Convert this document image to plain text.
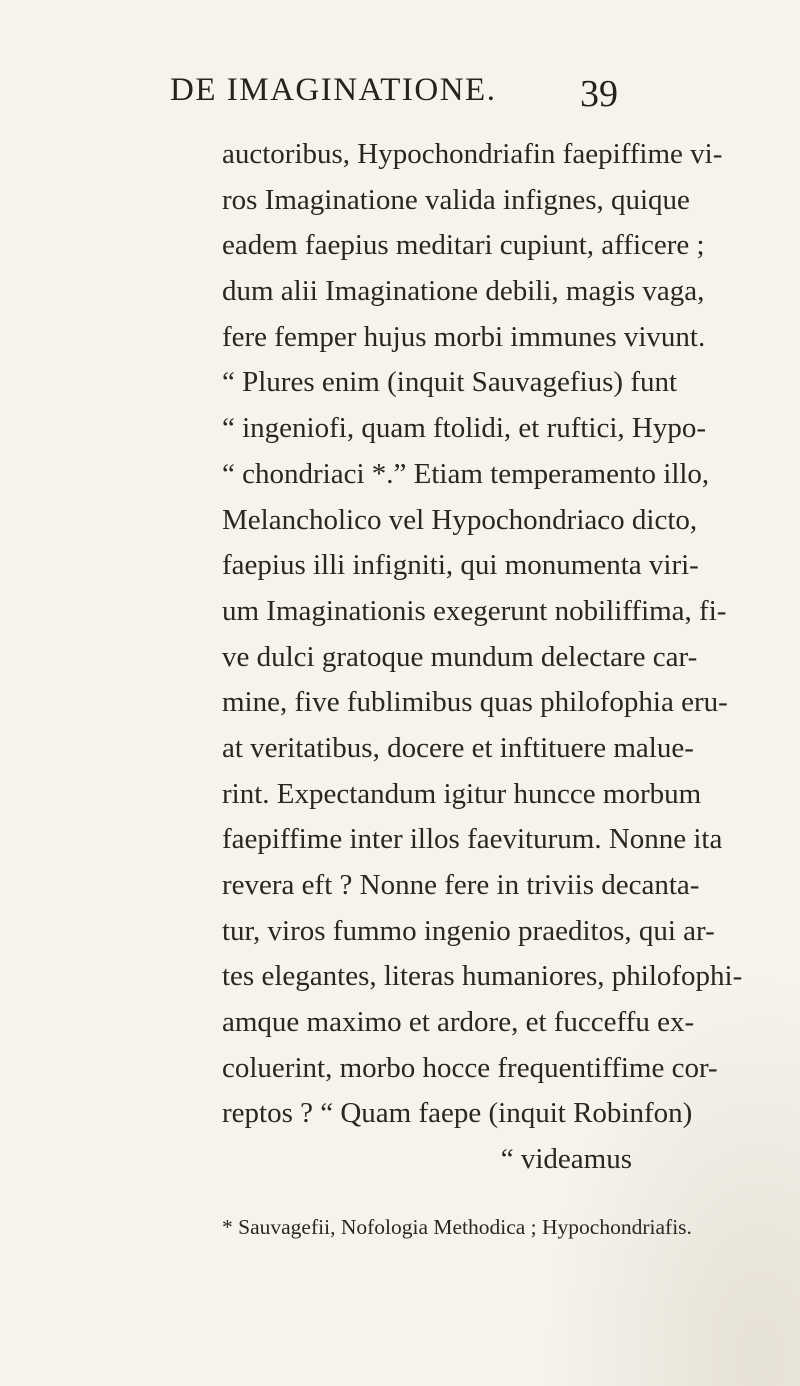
DE IMAGINATIONE.	39
auctoribus, Hypochondriafin faepiffime vi-
ros Imaginatione valida infignes, quique
eadem faepius meditari cupiunt, afficere ;
dum alii Imaginatione debili, magis vaga,
fere femper hujus morbi immunes vivunt.
“ Plures enim (inquit Sauvagefius) funt
“ ingeniofi, quam ftolidi, et ruftici, Hypo-
“ chondriaci *.” Etiam temperamento illo,
Melancholico vel Hypochondriaco dicto,
faepius illi infigniti, qui monumenta viri-
um Imaginationis exegerunt nobiliffima, fi-
ve dulci gratoque mundum delectare car-
mine, five fublimibus quas philofophia eru-
at veritatibus, docere et inftituere malue-
rint. Expectandum igitur huncce morbum
faepiffime inter illos faeviturum. Nonne ita
revera eft ? Nonne fere in triviis decanta-
tur, viros fummo ingenio praeditos, qui ar-
tes elegantes, literas humaniores, philofophi-
amque maximo et ardore, et fucceffu ex-
coluerint, morbo hocce frequentiffime cor-
reptos ? “ Quam faepe (inquit Robinfon)
“ videamus
* Sauvagefii, Nofologia Methodica ; Hypochondriafis.
